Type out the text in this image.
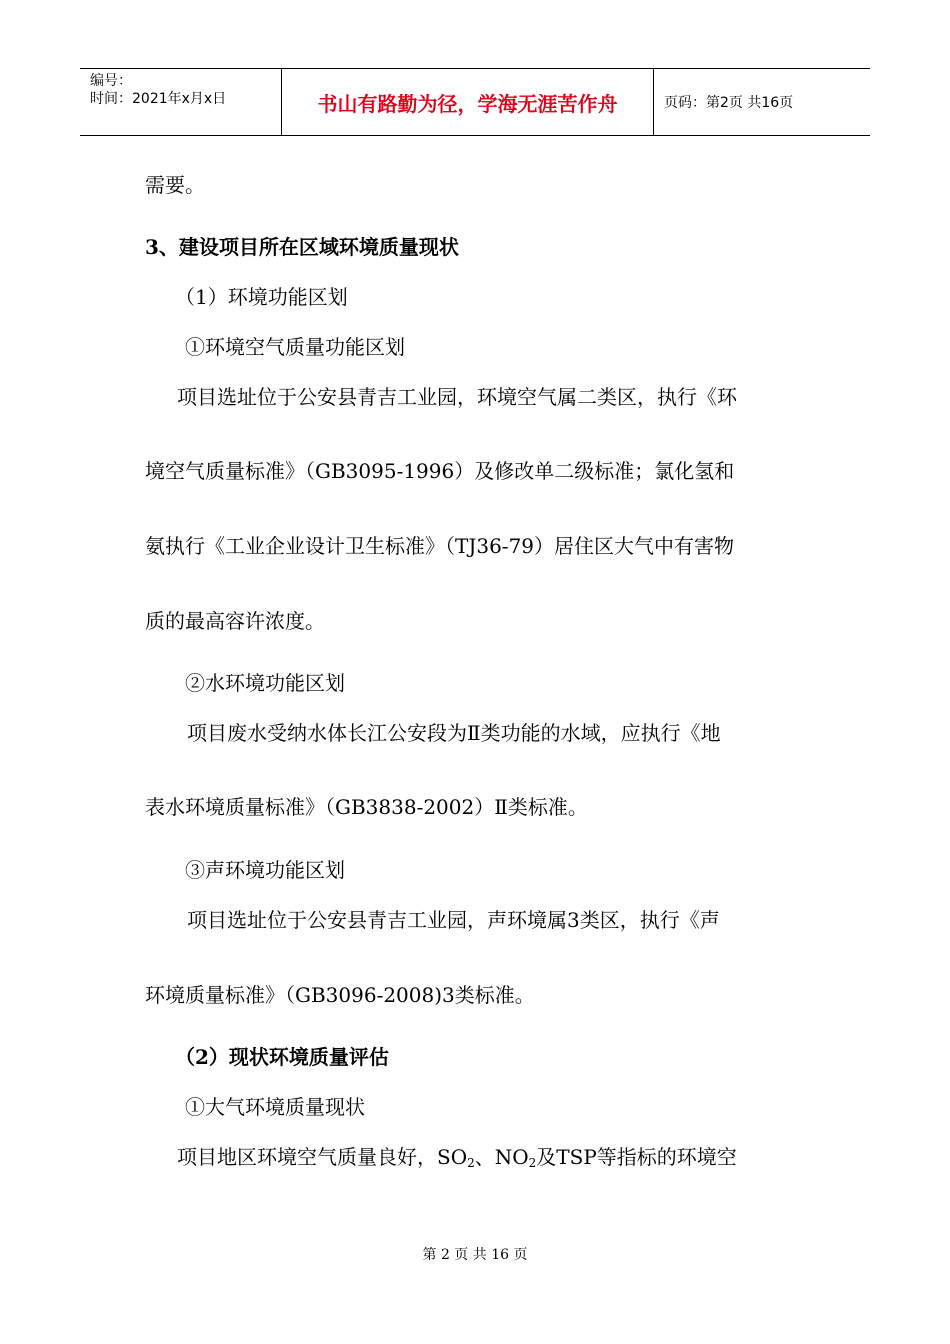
编号：
时间：2021年x月x日	书山有路勤为径，学海无涯苦作舟	页码：第2页 共16页
需要。
3、建设项目所在区域环境质量现状
（1）环境功能区划
①环境空气质量功能区划
项目选址位于公安县青吉工业园，环境空气属二类区，执行《环
境空气质量标准》（GB3095-1996）及修改单二级标准；氯化氢和
氨执行《工业企业设计卫生标准》（TJ36-79）居住区大气中有害物
质的最高容许浓度。
②水环境功能区划
项目废水受纳水体长江公安段为Ⅱ类功能的水域，应执行《地
表水环境质量标准》（GB3838-2002）Ⅱ类标准。
③声环境功能区划
项目选址位于公安县青吉工业园，声环境属3类区，执行《声
环境质量标准》（GB3096-2008)3类标准。
（2）现状环境质量评估
①大气环境质量现状
项目地区环境空气质量良好，$SO_2$、$NO_2$及TSP等指标的环境空
第 2 页 共 16 页
